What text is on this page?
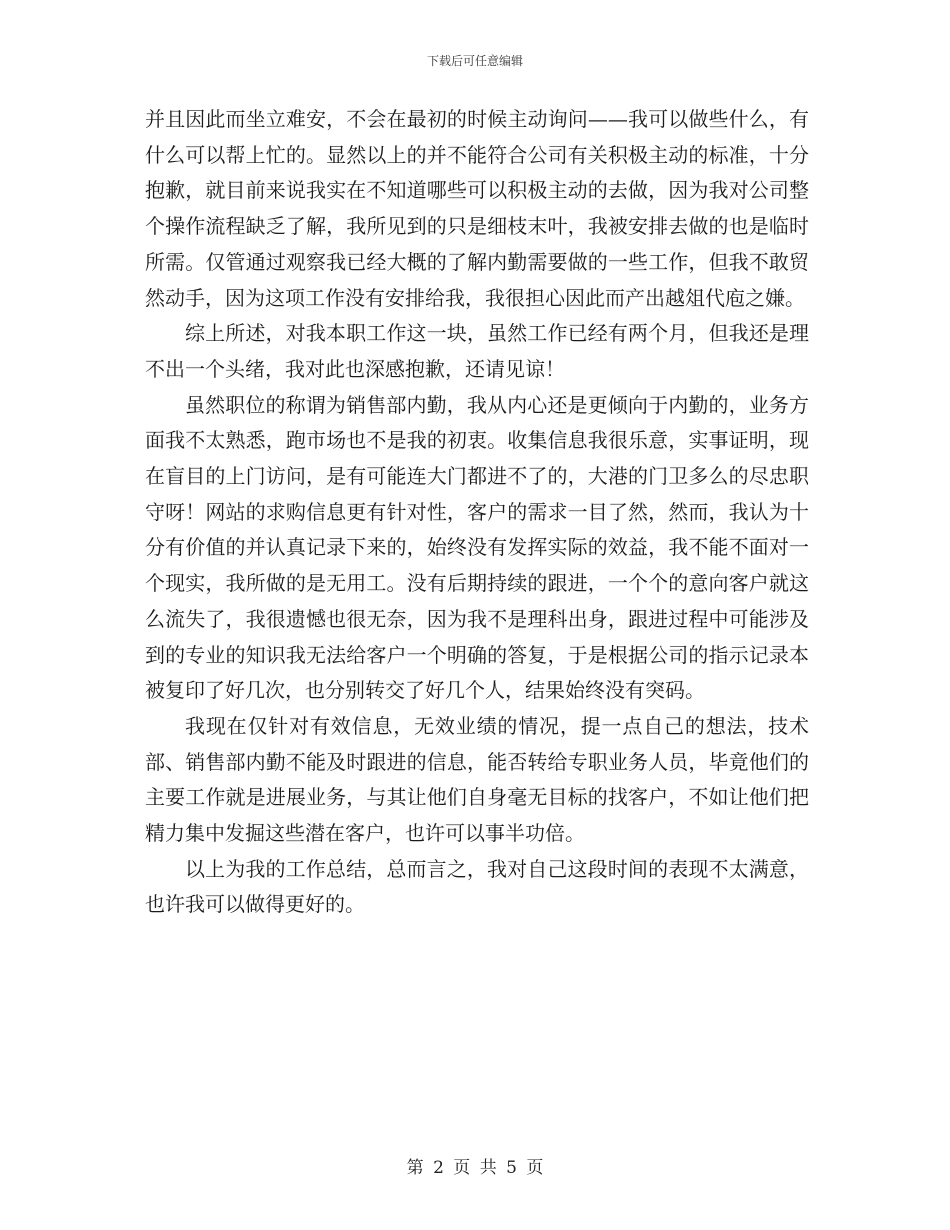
下载后可任意编辑

并且因此而坐立难安，不会在最初的时候主动询问——我可以做些什么，有什么可以帮上忙的。显然以上的并不能符合公司有关积极主动的标准，十分抱歉，就目前来说我实在不知道哪些可以积极主动的去做，因为我对公司整个操作流程缺乏了解，我所见到的只是细枝末叶，我被安排去做的也是临时所需。仅管通过观察我已经大概的了解内勤需要做的一些工作，但我不敢贸然动手，因为这项工作没有安排给我，我很担心因此而产出越俎代庖之嫌。

综上所述，对我本职工作这一块，虽然工作已经有两个月，但我还是理不出一个头绪，我对此也深感抱歉，还请见谅！

虽然职位的称谓为销售部内勤，我从内心还是更倾向于内勤的，业务方面我不太熟悉，跑市场也不是我的初衷。收集信息我很乐意，实事证明，现在盲目的上门访问，是有可能连大门都进不了的，大港的门卫多么的尽忠职守呀！网站的求购信息更有针对性，客户的需求一目了然，然而，我认为十分有价值的并认真记录下来的，始终没有发挥实际的效益，我不能不面对一个现实，我所做的是无用工。没有后期持续的跟进，一个个的意向客户就这么流失了，我很遗憾也很无奈，因为我不是理科出身，跟进过程中可能涉及到的专业的知识我无法给客户一个明确的答复，于是根据公司的指示记录本被复印了好几次，也分别转交了好几个人，结果始终没有突码。

我现在仅针对有效信息，无效业绩的情况，提一点自己的想法，技术部、销售部内勤不能及时跟进的信息，能否转给专职业务人员，毕竟他们的主要工作就是进展业务，与其让他们自身毫无目标的找客户，不如让他们把精力集中发掘这些潜在客户，也许可以事半功倍。

以上为我的工作总结，总而言之，我对自己这段时间的表现不太满意，也许我可以做得更好的。

第 2 页 共 5 页
